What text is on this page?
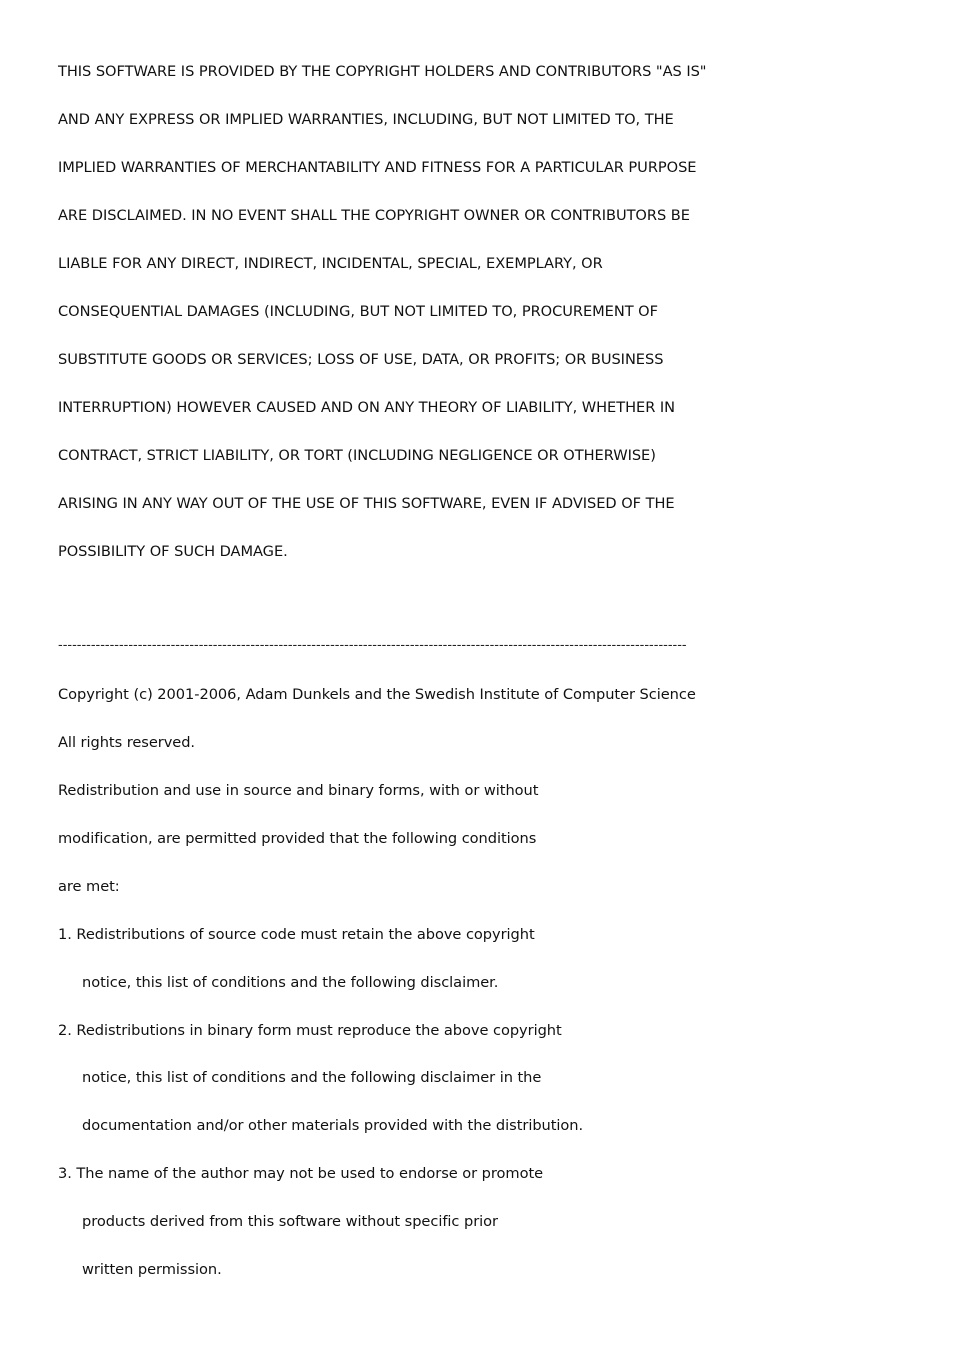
THIS SOFTWARE IS PROVIDED BY THE COPYRIGHT HOLDERS AND CONTRIBUTORS "AS IS"
AND ANY EXPRESS OR IMPLIED WARRANTIES, INCLUDING, BUT NOT LIMITED TO, THE
IMPLIED WARRANTIES OF MERCHANTABILITY AND FITNESS FOR A PARTICULAR PURPOSE
ARE DISCLAIMED. IN NO EVENT SHALL THE COPYRIGHT OWNER OR CONTRIBUTORS BE
LIABLE FOR ANY DIRECT, INDIRECT, INCIDENTAL, SPECIAL, EXEMPLARY, OR
CONSEQUENTIAL DAMAGES (INCLUDING, BUT NOT LIMITED TO, PROCUREMENT OF
SUBSTITUTE GOODS OR SERVICES; LOSS OF USE, DATA, OR PROFITS; OR BUSINESS
INTERRUPTION) HOWEVER CAUSED AND ON ANY THEORY OF LIABILITY, WHETHER IN
CONTRACT, STRICT LIABILITY, OR TORT (INCLUDING NEGLIGENCE OR OTHERWISE)
ARISING IN ANY WAY OUT OF THE USE OF THIS SOFTWARE, EVEN IF ADVISED OF THE
POSSIBILITY OF SUCH DAMAGE.
--------------------------------------------------------------------------------------------------------------------------------------
Copyright (c) 2001-2006, Adam Dunkels and the Swedish Institute of Computer Science
All rights reserved.
Redistribution and use in source and binary forms, with or without
modification, are permitted provided that the following conditions
are met:
1. Redistributions of source code must retain the above copyright
notice, this list of conditions and the following disclaimer.
2. Redistributions in binary form must reproduce the above copyright
notice, this list of conditions and the following disclaimer in the
documentation and/or other materials provided with the distribution.
3. The name of the author may not be used to endorse or promote
products derived from this software without specific prior
written permission.
